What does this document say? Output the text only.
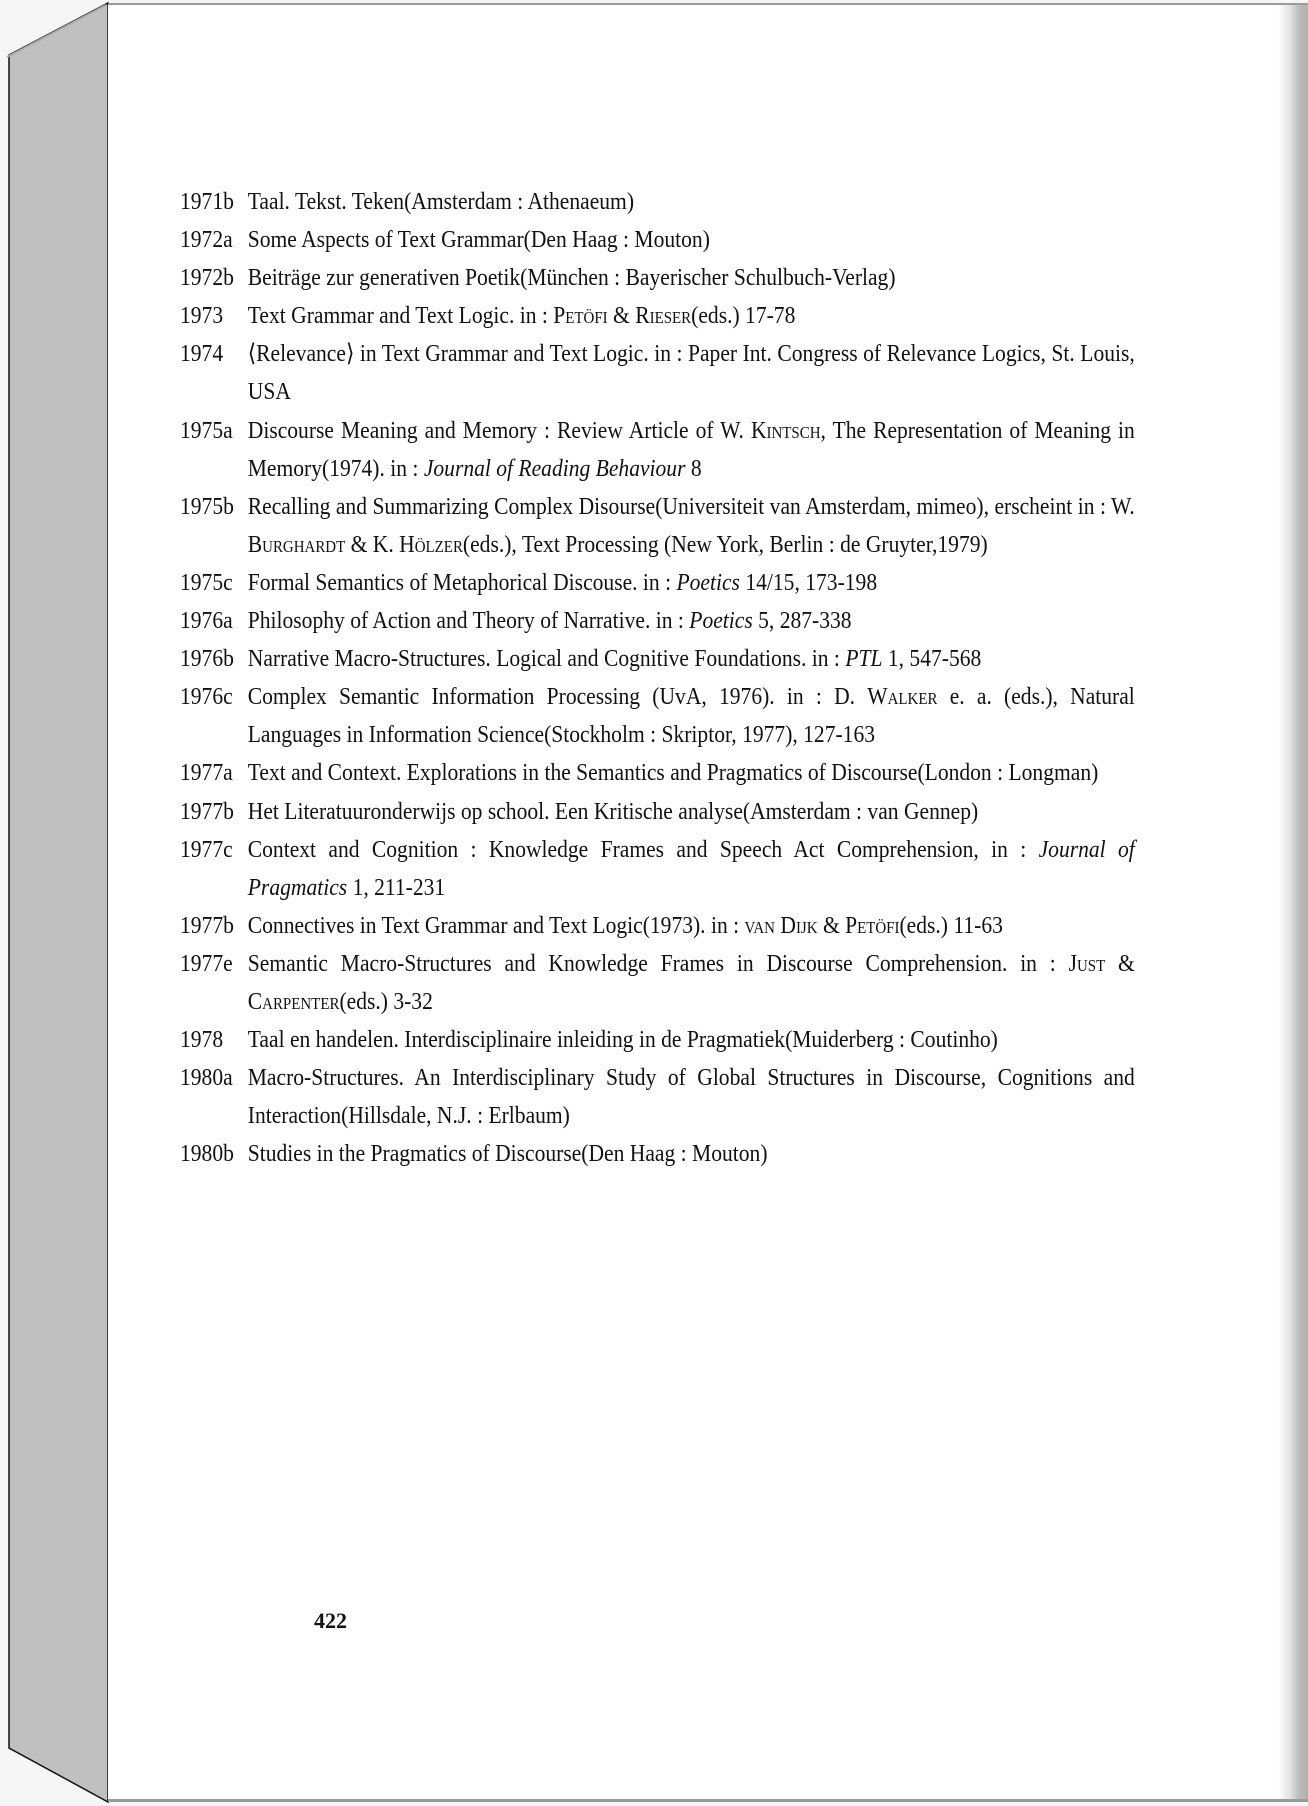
1971b Taal. Tekst. Teken(Amsterdam : Athenaeum)
1972a Some Aspects of Text Grammar(Den Haag : Mouton)
1972b Beiträge zur generativen Poetik(München : Bayerischer Schulbuch-Verlag)
1973	Text Grammar and Text Logic. in : Petöfi & Rieser(eds.) 17-78
1974	⟨Relevance⟩ in Text Grammar and Text Logic. in : Paper Int. Congress of Relevance Logics, St. Louis, USA
1975a Discourse Meaning and Memory : Review Article of W. Kintsch, The Representation of Meaning in Memory(1974). in : Journal of Reading Behaviour 8
1975b Recalling and Summarizing Complex Disourse(Universiteit van Amsterdam, mimeo), erscheint in : W. Burghardt & K. Hölzer(eds.), Text Processing (New York, Berlin : de Gruyter,1979)
1975c Formal Semantics of Metaphorical Discouse. in : Poetics 14/15, 173-198
1976a Philosophy of Action and Theory of Narrative. in : Poetics 5, 287-338
1976b Narrative Macro-Structures. Logical and Cognitive Foundations. in : PTL 1, 547-568
1976c Complex Semantic Information Processing (UvA, 1976). in : D. Walker e. a. (eds.), Natural Languages in Information Science(Stockholm : Skriptor, 1977), 127-163
1977a Text and Context. Explorations in the Semantics and Pragmatics of Discourse(London : Longman)
1977b Het Literatuuronderwijs op school. Een Kritische analyse(Amsterdam : van Gennep)
1977c Context and Cognition : Knowledge Frames and Speech Act Comprehension, in : Journal of Pragmatics 1, 211-231
1977b Connectives in Text Grammar and Text Logic(1973). in : van Dijk & Petöfi(eds.) 11-63
1977e Semantic Macro-Structures and Knowledge Frames in Discourse Comprehension. in : Just & Carpenter(eds.) 3-32
1978	Taal en handelen. Interdisciplinaire inleiding in de Pragmatiek(Muiderberg : Coutinho)
1980a Macro-Structures. An Interdisciplinary Study of Global Structures in Discourse, Cognitions and Interaction(Hillsdale, N.J. : Erlbaum)
1980b Studies in the Pragmatics of Discourse(Den Haag : Mouton)
422
